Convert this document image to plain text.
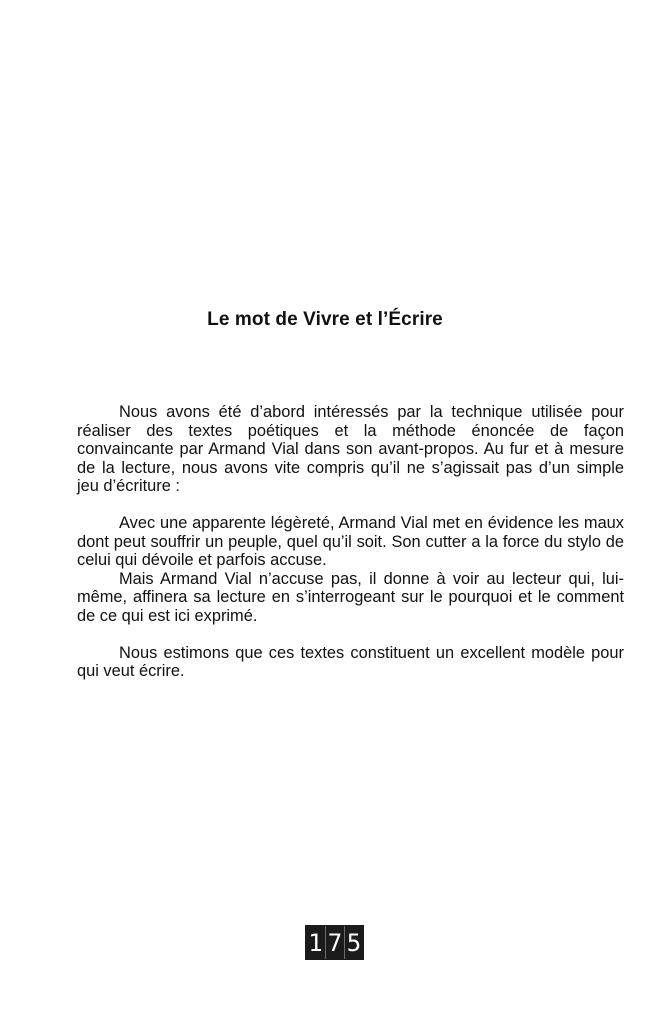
Le mot de Vivre et l’Écrire

Nous avons été d’abord intéressés par la technique utilisée pour réaliser des textes poétiques et la méthode énoncée de façon convaincante par Armand Vial dans son avant-propos. Au fur et à mesure de la lecture, nous avons vite compris qu’il ne s’agissait pas d’un simple jeu d’écriture :

Avec une apparente légèreté, Armand Vial met en évidence les maux dont peut souffrir un peuple, quel qu’il soit. Son cutter a la force du stylo de celui qui dévoile et parfois accuse.

Mais Armand Vial n’accuse pas, il donne à voir au lecteur qui, lui-même, affinera sa lecture en s’interrogeant sur le pourquoi et le comment de ce qui est ici exprimé.

Nous estimons que ces textes constituent un excellent modèle pour qui veut écrire.

1 7 5
